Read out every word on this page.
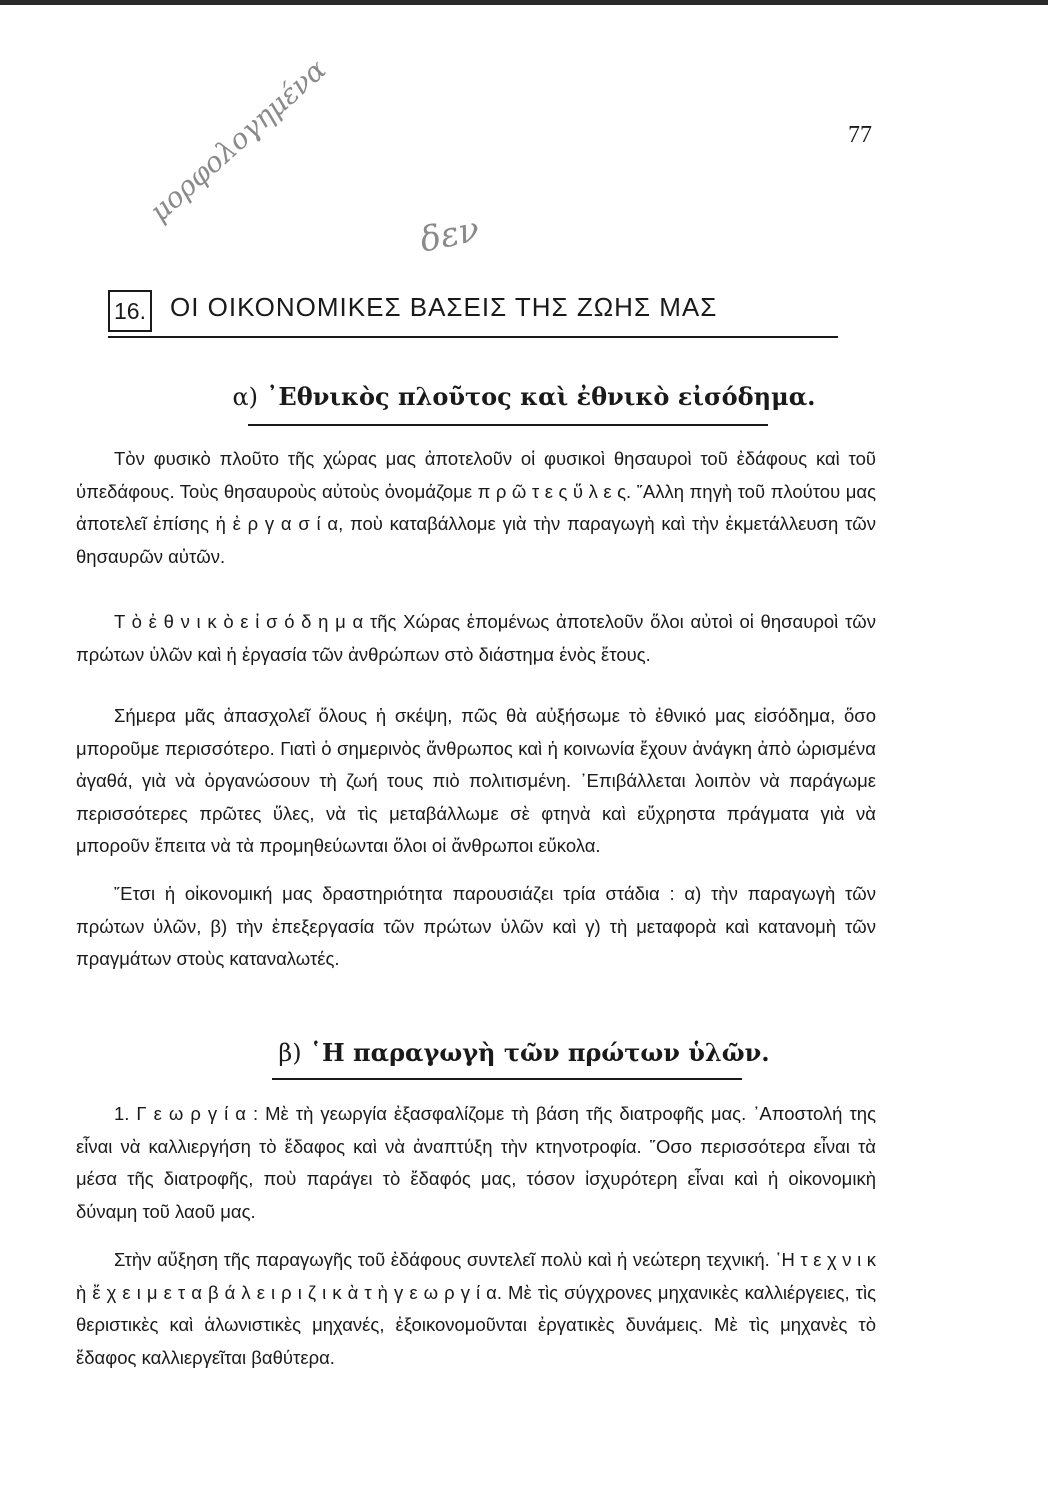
77
μορφολογημένα
δεν
16. ΟΙ ΟΙΚΟΝΟΜΙΚΕΣ ΒΑΣΕΙΣ ΤΗΣ ΖΩΗΣ ΜΑΣ
α) ᾿Εθνικὸς πλοῦτος καὶ ἐθνικὸ εἰσόδημα.

Τὸν φυσικὸ πλοῦτο τῆς χώρας μας ἀποτελοῦν οἱ φυσικοὶ θησαυροὶ τοῦ ἐδάφους καὶ τοῦ ὑπεδάφους. Τοὺς θησαυροὺς αὐτοὺς ὀνομάζομε π ρ ῶ τ ε ς ὕ λ ε ς. ῎Αλλη πηγὴ τοῦ πλούτου μας ἀποτελεῖ ἐπίσης ἡ ἐ ρ γ α σ ί α, ποὺ καταβάλλομε γιὰ τὴν παραγωγὴ καὶ τὴν ἐκμετάλλευση τῶν θησαυρῶν αὐτῶν.

Τ ὸ ἐ θ ν ι κ ὸ ε ἰ σ ό δ η μ α τῆς Χώρας ἑπομένως ἀποτελοῦν ὅλοι αὐτοὶ οἱ θησαυροὶ τῶν πρώτων ὑλῶν καὶ ἡ ἐργασία τῶν ἀνθρώπων στὸ διάστημα ἑνὸς ἔτους.

Σήμερα μᾶς ἀπασχολεῖ ὅλους ἡ σκέψη, πῶς θὰ αὐξήσωμε τὸ ἐθνικό μας εἰσόδημα, ὅσο μποροῦμε περισσότερο. Γιατὶ ὁ σημερινὸς ἄνθρωπος καὶ ἡ κοινωνία ἔχουν ἀνάγκη ἀπὸ ὡρισμένα ἀγαθά, γιὰ νὰ ὀργανώσουν τὴ ζωή τους πιὸ πολιτισμένη. ᾿Επιβάλλεται λοιπὸν νὰ παράγωμε περισσότερες πρῶτες ὕλες, νὰ τὶς μεταβάλλωμε σὲ φτηνὰ καὶ εὔχρηστα πράγματα γιὰ νὰ μποροῦν ἔπειτα νὰ τὰ προμηθεύωνται ὅλοι οἱ ἄνθρωποι εὔκολα.

῎Ετσι ἡ οἰκονομική μας δραστηριότητα παρουσιάζει τρία στάδια : α) τὴν παραγωγὴ τῶν πρώτων ὑλῶν, β) τὴν ἐπεξεργασία τῶν πρώτων ὑλῶν καὶ γ) τὴ μεταφορὰ καὶ κατανομὴ τῶν πραγμάτων στοὺς καταναλωτές.

β) ῾Η παραγωγὴ τῶν πρώτων ὑλῶν.

1. Γ ε ω ρ γ ί α : Μὲ τὴ γεωργία ἐξασφαλίζομε τὴ βάση τῆς διατροφῆς μας. ᾿Αποστολή της εἶναι νὰ καλλιεργήση τὸ ἔδαφος καὶ νὰ ἀναπτύξη τὴν κτηνοτροφία. ῞Οσο περισσότερα εἶναι τὰ μέσα τῆς διατροφῆς, ποὺ παράγει τὸ ἔδαφός μας, τόσον ἰσχυρότερη εἶναι καὶ ἡ οἰκονομικὴ δύναμη τοῦ λαοῦ μας.

Στὴν αὔξηση τῆς παραγωγῆς τοῦ ἐδάφους συντελεῖ πολὺ καὶ ἡ νεώτερη τεχνική. ῾Η τ ε χ ν ι κ ὴ ἔ χ ε ι μ ε τ α β ά λ ε ι ρ ι ζ ι κ ὰ τ ὴ γ ε ω ρ γ ί α. Μὲ τὶς σύγχρονες μηχανικὲς καλλιέργειες, τὶς θεριστικὲς καὶ ἁλωνιστικὲς μηχανές, ἐξοικονομοῦνται ἐργατικὲς δυνάμεις. Μὲ τὶς μηχανὲς τὸ ἔδαφος καλλιεργεῖται βαθύτερα.
